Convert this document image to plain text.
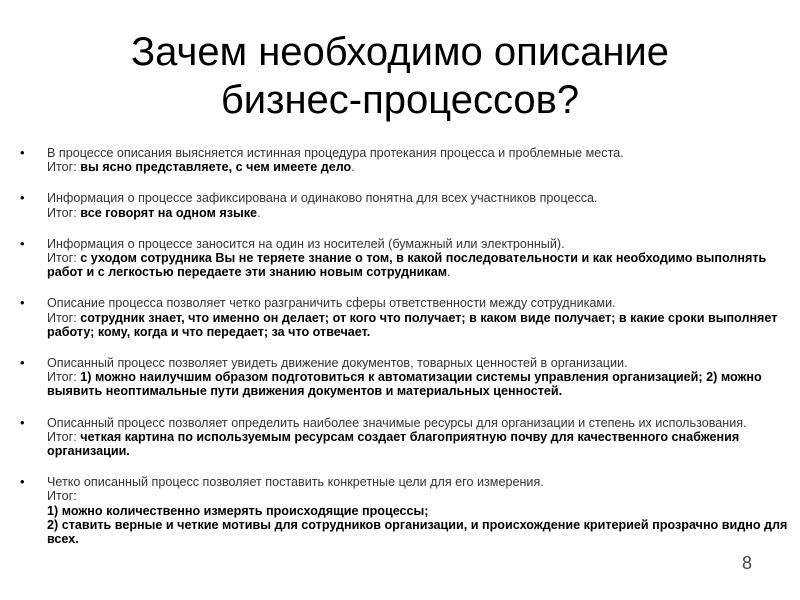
Зачем необходимо описание
бизнес-процессов?
• В процессе описания выясняется истинная процедура протекания процесса и проблемные места.
Итог: вы ясно представляете, с чем имеете дело.
• Информация о процессе зафиксирована и одинаково понятна для всех участников процесса.
Итог: все говорят на одном языке.
• Информация о процессе заносится на один из носителей (бумажный или электронный).
Итог: с уходом сотрудника Вы не теряете знание о том, в какой последовательности и как необходимо выполнять работ и с легкостью передаете эти знанию новым сотрудникам.
• Описание процесса позволяет четко разграничить сферы ответственности между сотрудниками.
Итог: сотрудник знает, что именно он делает; от кого что получает; в каком виде получает; в какие сроки выполняет работу; кому, когда и что передает; за что отвечает.
• Описанный процесс позволяет увидеть движение документов, товарных ценностей в организации.
Итог: 1) можно наилучшим образом подготовиться к автоматизации системы управления организацией; 2) можно выявить неоптимальные пути движения документов и материальных ценностей.
• Описанный процесс позволяет определить наиболее значимые ресурсы для организации и степень их использования.
Итог: четкая картина по используемым ресурсам создает благоприятную почву для качественного снабжения организации.
• Четко описанный процесс позволяет поставить конкретные цели для его измерения.
Итог:
1) можно количественно измерять происходящие процессы;
2) ставить верные и четкие мотивы для сотрудников организации, и происхождение критерией прозрачно видно для всех.
8
